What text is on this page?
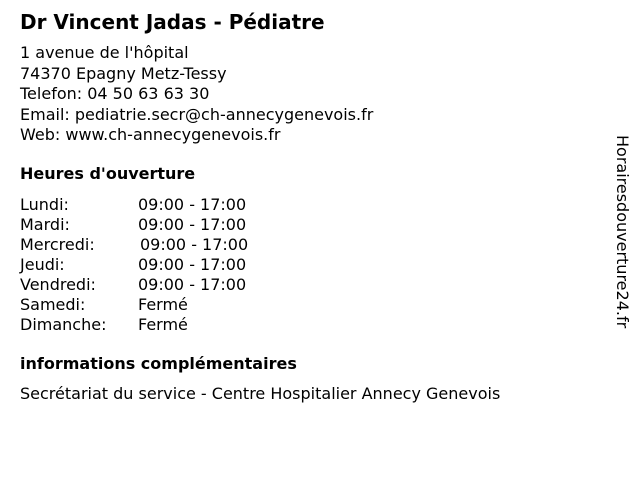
Dr Vincent Jadas - Pédiatre
1 avenue de l'hôpital
74370 Epagny Metz-Tessy
Telefon: 04 50 63 63 30
Email: pediatrie.secr@ch-annecygenevois.fr
Web: www.ch-annecygenevois.fr
Heures d'ouverture
Lundi:	09:00 - 17:00
Mardi:	09:00 - 17:00
Mercredi:	09:00 - 17:00
Jeudi:	09:00 - 17:00
Vendredi:	09:00 - 17:00
Samedi:	Fermé
Dimanche: Fermé
informations complémentaires
Secrétariat du service - Centre Hospitalier Annecy Genevois
Horairesdouverture24.fr
